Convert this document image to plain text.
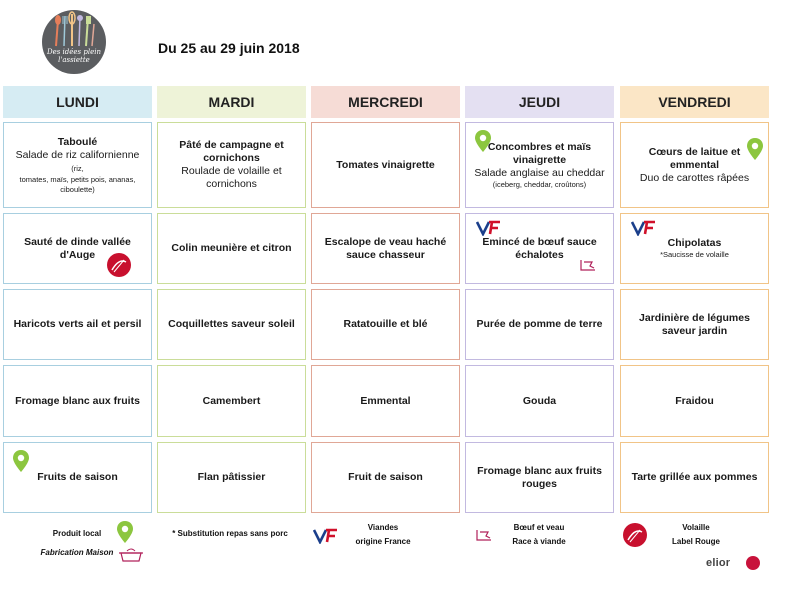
Des idées plein
l'assiette
Du 25 au 29 juin 2018
LUNDI
Taboulé
Salade de riz californienne (riz,
tomates, maïs, petits pois, ananas, ciboulette)
Sauté de dinde vallée d'Auge
Haricots verts ail et persil
Fromage blanc aux fruits
Fruits de saison
MARDI
Pâté de campagne et cornichons
Roulade de volaille et cornichons
Colin meunière et citron
Coquillettes saveur soleil
Camembert
Flan pâtissier
MERCREDI
Tomates vinaigrette
Escalope de veau haché sauce chasseur
Ratatouille et blé
Emmental
Fruit de saison
JEUDI
Concombres et maïs vinaigrette
Salade anglaise au cheddar
(iceberg, cheddar, croûtons)
Emincé de bœuf sauce échalotes
Purée de pomme de terre
Gouda
Fromage blanc aux fruits rouges
VENDREDI
Cœurs de laitue et emmental
Duo de carottes râpées
Chipolatas
*Saucisse de volaille
Jardinière de légumes saveur jardin
Fraidou
Tarte grillée aux pommes
Produit local
Fabrication Maison
* Substitution repas sans porc
Viandes
origine France
Bœuf et veau
Race à viande
Volaille
Label Rouge
elior
